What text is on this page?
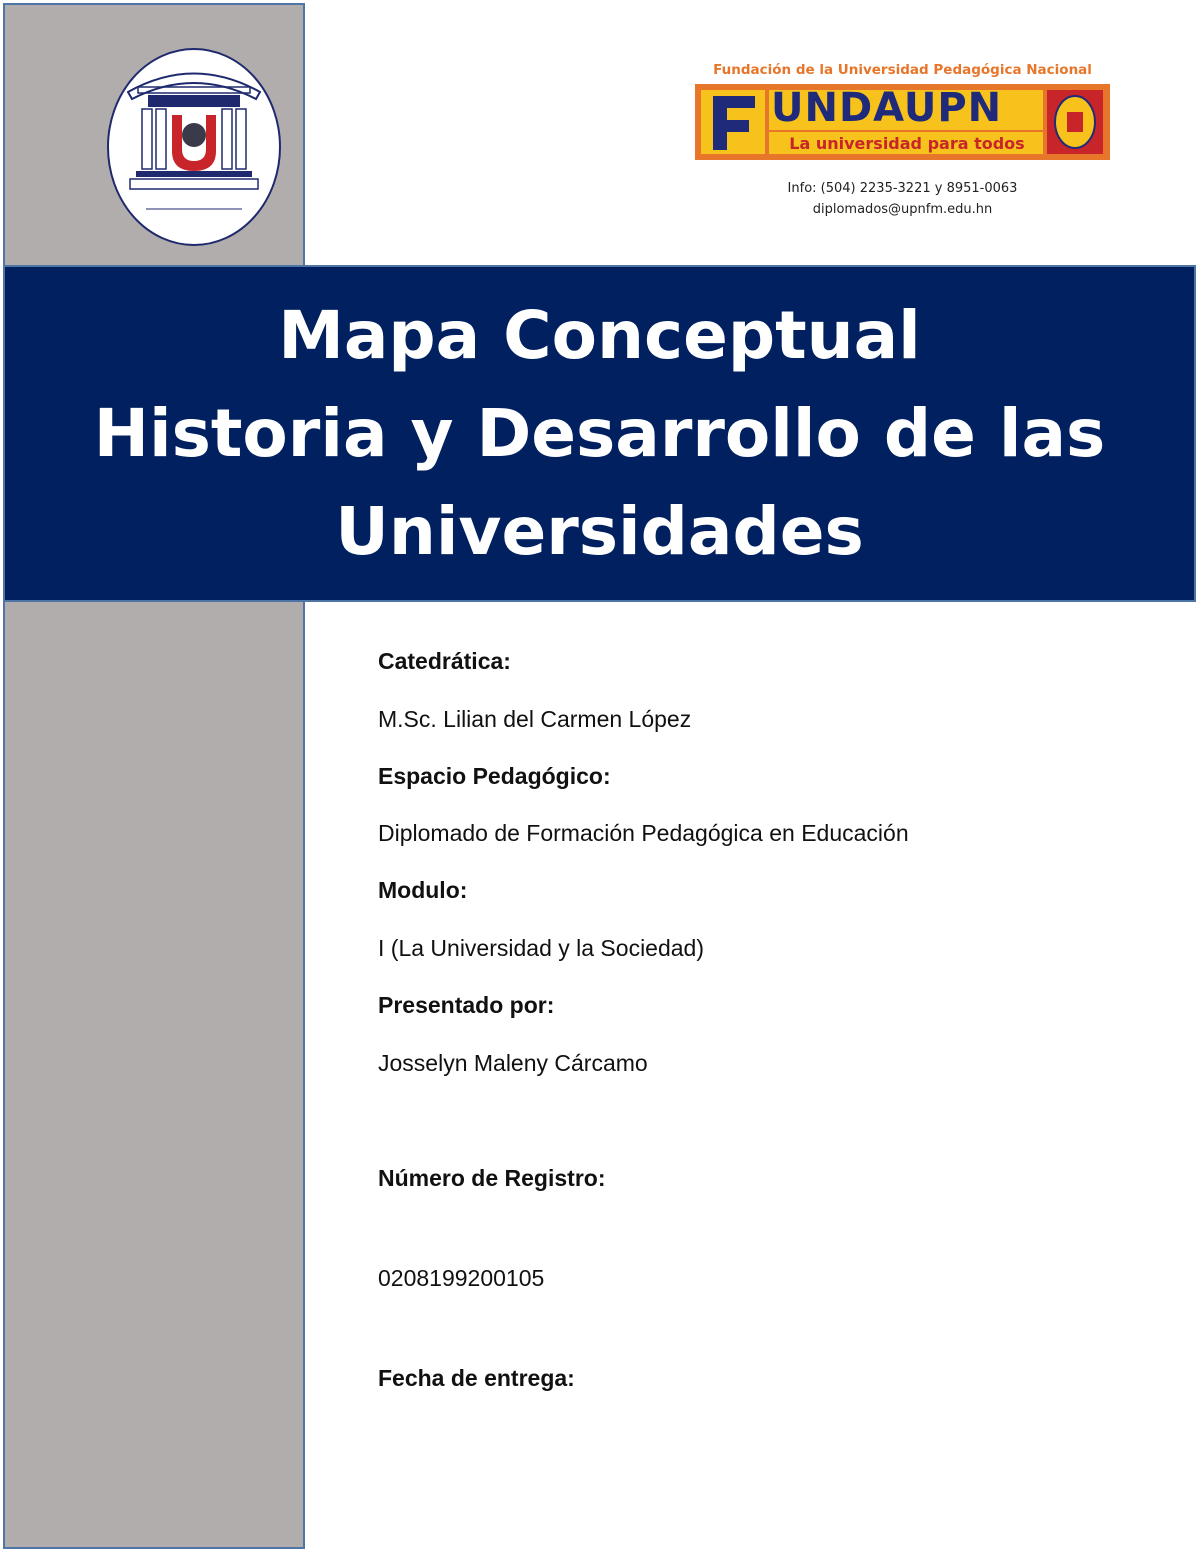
Fundación de la Universidad Pedagógica Nacional
UNDAUPN
La universidad para todos
Info: (504) 2235-3221 y 8951-0063
diplomados@upnfm.edu.hn
Mapa Conceptual
Historia y Desarrollo de las
Universidades

Catedrática:

M.Sc. Lilian del Carmen López

Espacio Pedagógico:

Diplomado de Formación Pedagógica en Educación

Modulo:

I (La Universidad y la Sociedad)

Presentado por:

Josselyn Maleny Cárcamo

Número de Registro:

0208199200105

Fecha de entrega:
